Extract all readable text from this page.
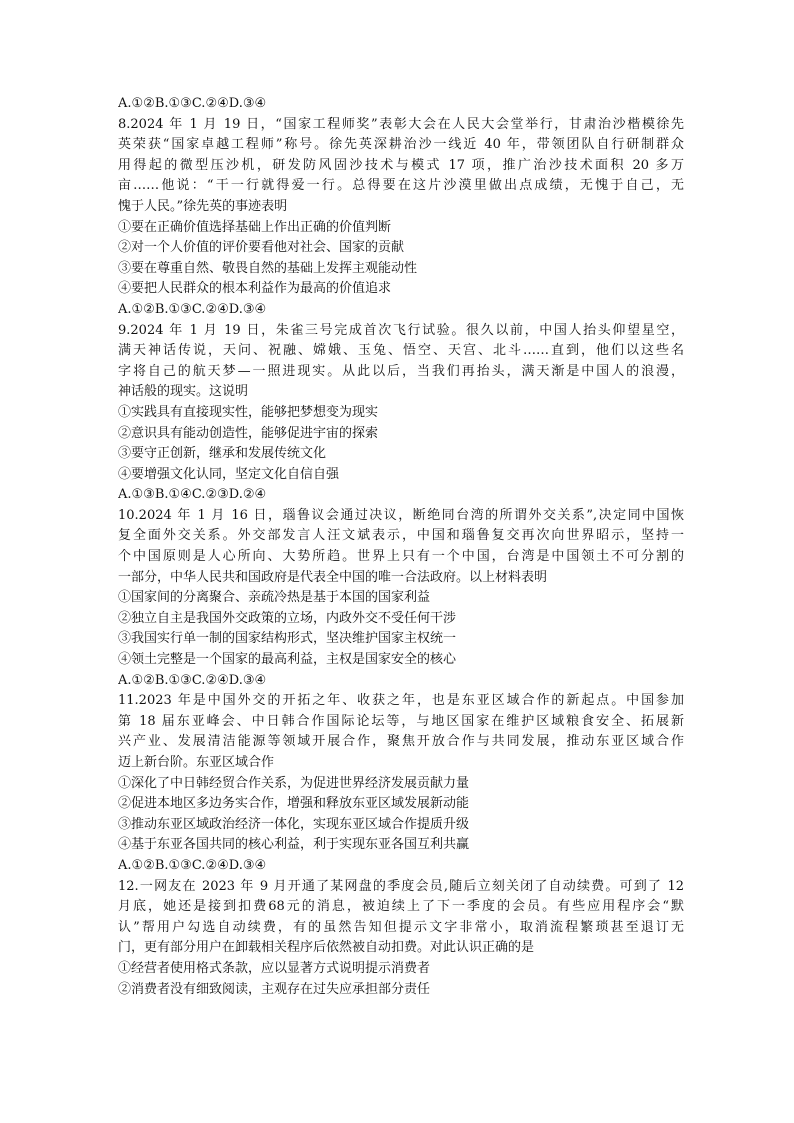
A.①②B.①③C.②④D.③④
8.2024 年 1 月 19 日，“国家工程师奖”表彰大会在人民大会堂举行，甘肃治沙楷模徐先
英荣获“国家卓越工程师”称号。徐先英深耕治沙一线近 40 年，带领团队自行研制群众
用得起的微型压沙机，研发防风固沙技术与模式 17 项，推广治沙技术面积 20 多万
亩……他说：“干一行就得爱一行。总得要在这片沙漠里做出点成绩，无愧于自己，无
愧于人民。”徐先英的事迹表明
①要在正确价值选择基础上作出正确的价值判断
②对一个人价值的评价要看他对社会、国家的贡献
③要在尊重自然、敬畏自然的基础上发挥主观能动性
④要把人民群众的根本利益作为最高的价值追求
A.①②B.①③C.②④D.③④
9.2024 年 1 月 19 日，朱雀三号完成首次飞行试验。很久以前，中国人抬头仰望星空，
满天神话传说，天问、祝融、嫦娥、玉兔、悟空、天宫、北斗……直到，他们以这些名
字将自己的航天梦—一照进现实。从此以后，当我们再抬头，满天渐是中国人的浪漫，
神话般的现实。这说明
①实践具有直接现实性，能够把梦想变为现实
②意识具有能动创造性，能够促进宇宙的探索
③要守正创新，继承和发展传统文化
④要增强文化认同，坚定文化自信自强
A.①③B.①④C.②③D.②④
10.2024 年 1 月 16 日，瑙鲁议会通过决议，断绝同台湾的所谓外交关系”,决定同中国恢
复全面外交关系。外交部发言人汪文斌表示，中国和瑙鲁复交再次向世界昭示，坚持一
个中国原则是人心所向、大势所趋。世界上只有一个中国，台湾是中国领土不可分割的
一部分，中华人民共和国政府是代表全中国的唯一合法政府。以上材料表明
①国家间的分离聚合、亲疏冷热是基于本国的国家利益
②独立自主是我国外交政策的立场，内政外交不受任何干涉
③我国实行单一制的国家结构形式，坚决维护国家主权统一
④领土完整是一个国家的最高利益，主权是国家安全的核心
A.①②B.①③C.②④D.③④
11.2023 年是中国外交的开拓之年、收获之年，也是东亚区域合作的新起点。中国参加
第 18 届东亚峰会、中日韩合作国际论坛等，与地区国家在维护区域粮食安全、拓展新
兴产业、发展清洁能源等领域开展合作，聚焦开放合作与共同发展，推动东亚区域合作
迈上新台阶。东亚区域合作
①深化了中日韩经贸合作关系，为促进世界经济发展贡献力量
②促进本地区多边务实合作，增强和释放东亚区域发展新动能
③推动东亚区域政治经济一体化，实现东亚区域合作提质升级
④基于东亚各国共同的核心利益，利于实现东亚各国互利共赢
A.①②B.①③C.②④D.③④
12.一网友在 2023 年 9 月开通了某网盘的季度会员,随后立刻关闭了自动续费。可到了 12
月底，她还是接到扣费68元的消息，被迫续上了下一季度的会员。有些应用程序会“默
认”帮用户勾选自动续费，有的虽然告知但提示文字非常小，取消流程繁琐甚至退订无
门，更有部分用户在卸载相关程序后依然被自动扣费。对此认识正确的是
①经营者使用格式条款，应以显著方式说明提示消费者
②消费者没有细致阅读，主观存在过失应承担部分责任
